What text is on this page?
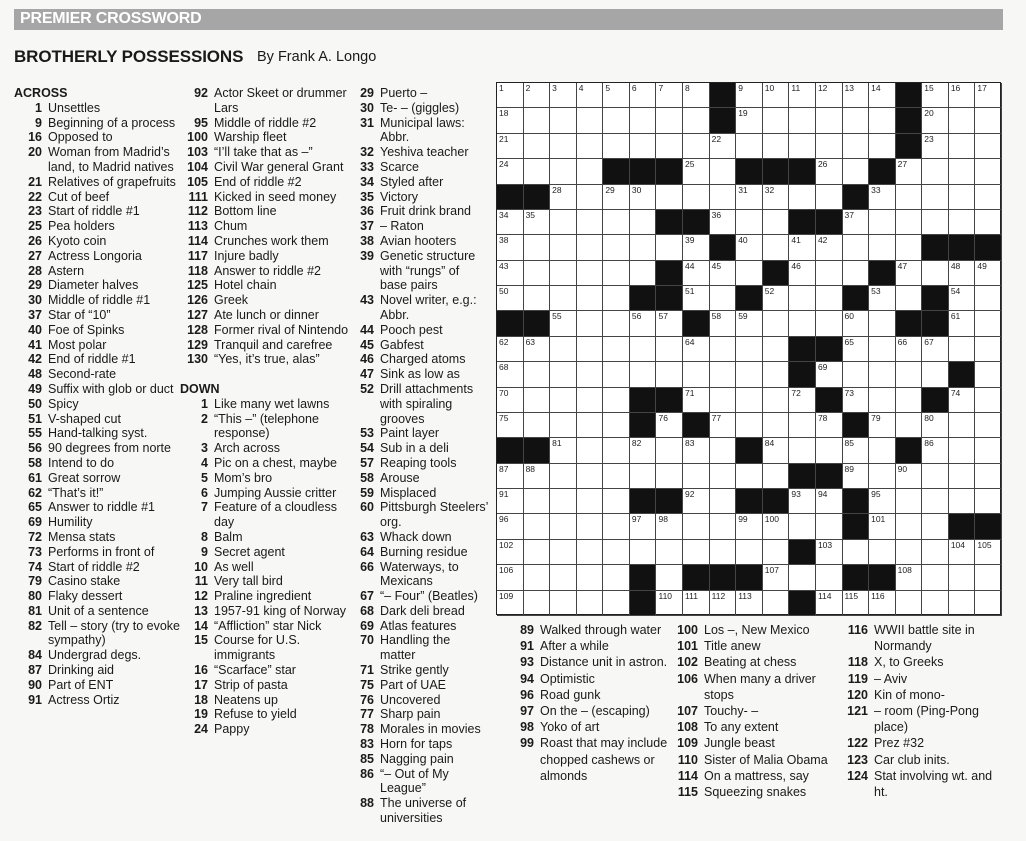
PREMIER CROSSWORD
BROTHERLY POSSESSIONS By Frank A. Longo
ACROSS
1 Unsettles
9 Beginning of a process
16 Opposed to
20 Woman from Madrid’s land, to Madrid natives
21 Relatives of grapefruits
22 Cut of beef
23 Start of riddle #1
25 Pea holders
26 Kyoto coin
27 Actress Longoria
28 Astern
29 Diameter halves
30 Middle of riddle #1
37 Star of “10”
40 Foe of Spinks
41 Most polar
42 End of riddle #1
48 Second-rate
49 Suffix with glob or duct
50 Spicy
51 V-shaped cut
55 Hand-talking syst.
56 90 degrees from norte
58 Intend to do
61 Great sorrow
62 “That’s it!”
65 Answer to riddle #1
69 Humility
72 Mensa stats
73 Performs in front of
74 Start of riddle #2
79 Casino stake
80 Flaky dessert
81 Unit of a sentence
82 Tell – story (try to evoke sympathy)
84 Undergrad degs.
87 Drinking aid
90 Part of ENT
91 Actress Ortiz
92 Actor Skeet or drummer Lars
95 Middle of riddle #2
100 Warship fleet
103 “I’ll take that as –”
104 Civil War general Grant
105 End of riddle #2
111 Kicked in seed money
112 Bottom line
113 Chum
114 Crunches work them
117 Injure badly
118 Answer to riddle #2
125 Hotel chain
126 Greek
127 Ate lunch or dinner
128 Former rival of Nintendo
129 Tranquil and carefree
130 “Yes, it’s true, alas”
DOWN
1 Like many wet lawns
2 “This –” (telephone response)
3 Arch across
4 Pic on a chest, maybe
5 Mom’s bro
6 Jumping Aussie critter
7 Feature of a cloudless day
8 Balm
9 Secret agent
10 As well
11 Very tall bird
12 Praline ingredient
13 1957-91 king of Norway
14 “Affliction” star Nick
15 Course for U.S. immigrants
16 “Scarface” star
17 Strip of pasta
18 Neatens up
19 Refuse to yield
24 Pappy
29 Puerto –
30 Te- – (giggles)
31 Municipal laws: Abbr.
32 Yeshiva teacher
33 Scarce
34 Styled after
35 Victory
36 Fruit drink brand
37 – Raton
38 Avian hooters
39 Genetic structure with “rungs” of base pairs
43 Novel writer, e.g.: Abbr.
44 Pooch pest
45 Gabfest
46 Charged atoms
47 Sink as low as
52 Drill attachments with spiraling grooves
53 Paint layer
54 Sub in a deli
57 Reaping tools
58 Arouse
59 Misplaced
60 Pittsburgh Steelers’ org.
63 Whack down
64 Burning residue
66 Waterways, to Mexicans
67 “– Four” (Beatles)
68 Dark deli bread
69 Atlas features
70 Handling the matter
71 Strike gently
75 Part of UAE
76 Uncovered
77 Sharp pain
78 Morales in movies
83 Horn for taps
85 Nagging pain
86 “– Out of My League”
88 The universe of universities
1	2	3	4	5	6	7	8	9	10 11 12 13 14	15 16 17
18	19	20
21	22	23
24	25	26	27
28	29 30	31 32	33
34 35	36	37
38	39	40	41 42
43	44 45	46	47	48 49
50	51	52	53	54
55	56 57	58 59	60	61
62 63	64	65	66 67
68	69
70	71	72	73	74
75	76	77	78	79	80
81	82	83	84	85	86
87 88	89	90
91	92	93 94	95
96	97 98	99 100	101
102	103	104 105
106	107	108
109	110 111 112 113	114 115 116
89 Walked through water
91 After a while
93 Distance unit in astron.
94 Optimistic
96 Road gunk
97 On the – (escaping)
98 Yoko of art
99 Roast that may include chopped cashews or almonds
100 Los –, New Mexico
101 Title anew
102 Beating at chess
106 When many a driver stops
107 Touchy- –
108 To any extent
109 Jungle beast
110 Sister of Malia Obama
114 On a mattress, say
115 Squeezing snakes
116 WWII battle site in Normandy
118 X, to Greeks
119 – Aviv
120 Kin of mono-
121 – room (Ping-Pong place)
122 Prez #32
123 Car club inits.
124 Stat involving wt. and ht.
